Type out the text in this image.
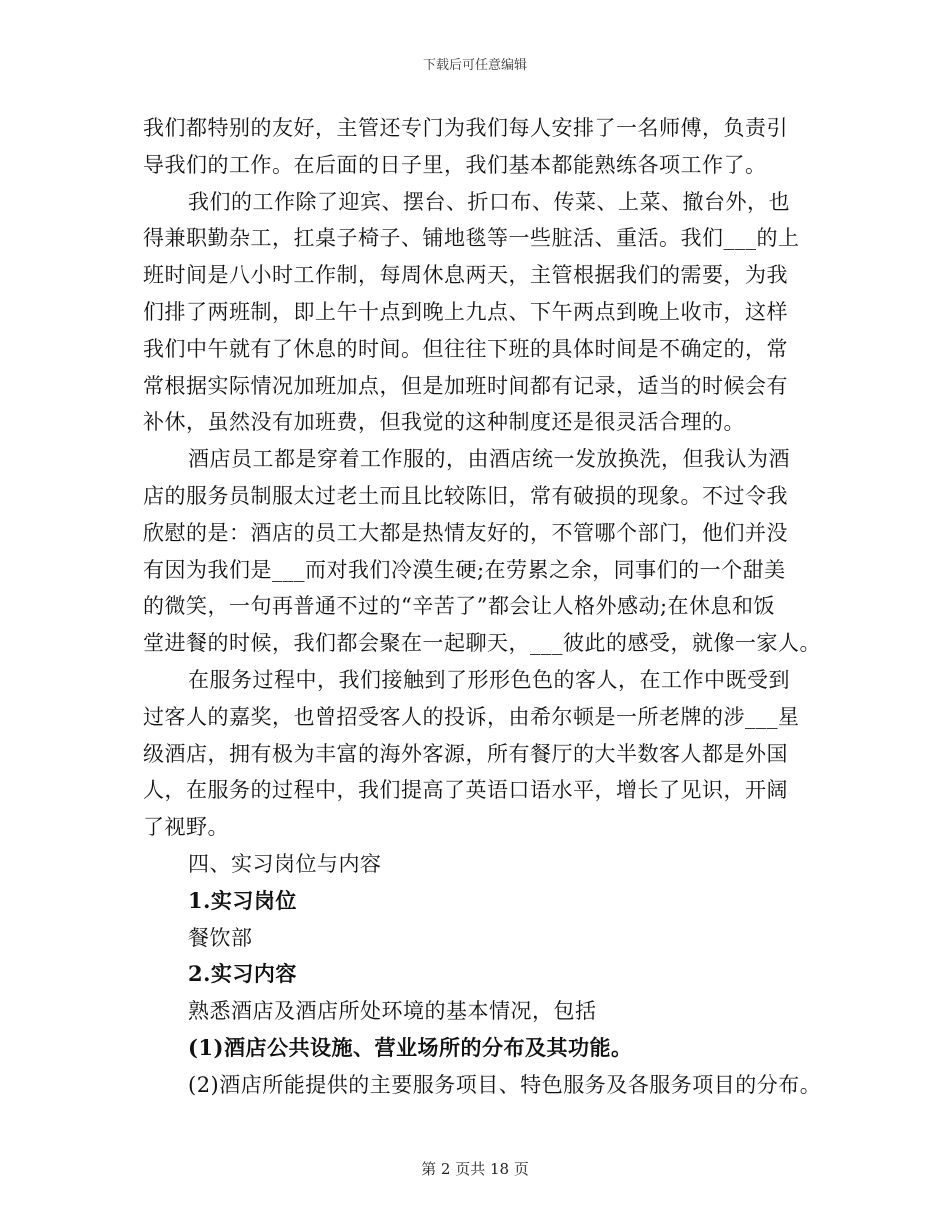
下载后可任意编辑
我们都特别的友好，主管还专门为我们每人安排了一名师傅，负责引
导我们的工作。在后面的日子里，我们基本都能熟练各项工作了。
我们的工作除了迎宾、摆台、折口布、传菜、上菜、撤台外，也
得兼职勤杂工，扛桌子椅子、铺地毯等一些脏活、重活。我们___的上
班时间是八小时工作制，每周休息两天，主管根据我们的需要，为我
们排了两班制，即上午十点到晚上九点、下午两点到晚上收市，这样
我们中午就有了休息的时间。但往往下班的具体时间是不确定的，常
常根据实际情况加班加点，但是加班时间都有记录，适当的时候会有
补休，虽然没有加班费，但我觉的这种制度还是很灵活合理的。
酒店员工都是穿着工作服的，由酒店统一发放换洗，但我认为酒
店的服务员制服太过老土而且比较陈旧，常有破损的现象。不过令我
欣慰的是：酒店的员工大都是热情友好的，不管哪个部门，他们并没
有因为我们是___而对我们冷漠生硬;在劳累之余，同事们的一个甜美
的微笑，一句再普通不过的“辛苦了”都会让人格外感动;在休息和饭
堂进餐的时候，我们都会聚在一起聊天，___彼此的感受，就像一家人。
在服务过程中，我们接触到了形形色色的客人，在工作中既受到
过客人的嘉奖，也曾招受客人的投诉，由希尔顿是一所老牌的涉___星
级酒店，拥有极为丰富的海外客源，所有餐厅的大半数客人都是外国
人，在服务的过程中，我们提高了英语口语水平，增长了见识，开阔
了视野。
四、实习岗位与内容
1.实习岗位
餐饮部
2.实习内容
熟悉酒店及酒店所处环境的基本情况，包括
(1)酒店公共设施、营业场所的分布及其功能。
(2)酒店所能提供的主要服务项目、特色服务及各服务项目的分布。
第 2 页共 18 页
